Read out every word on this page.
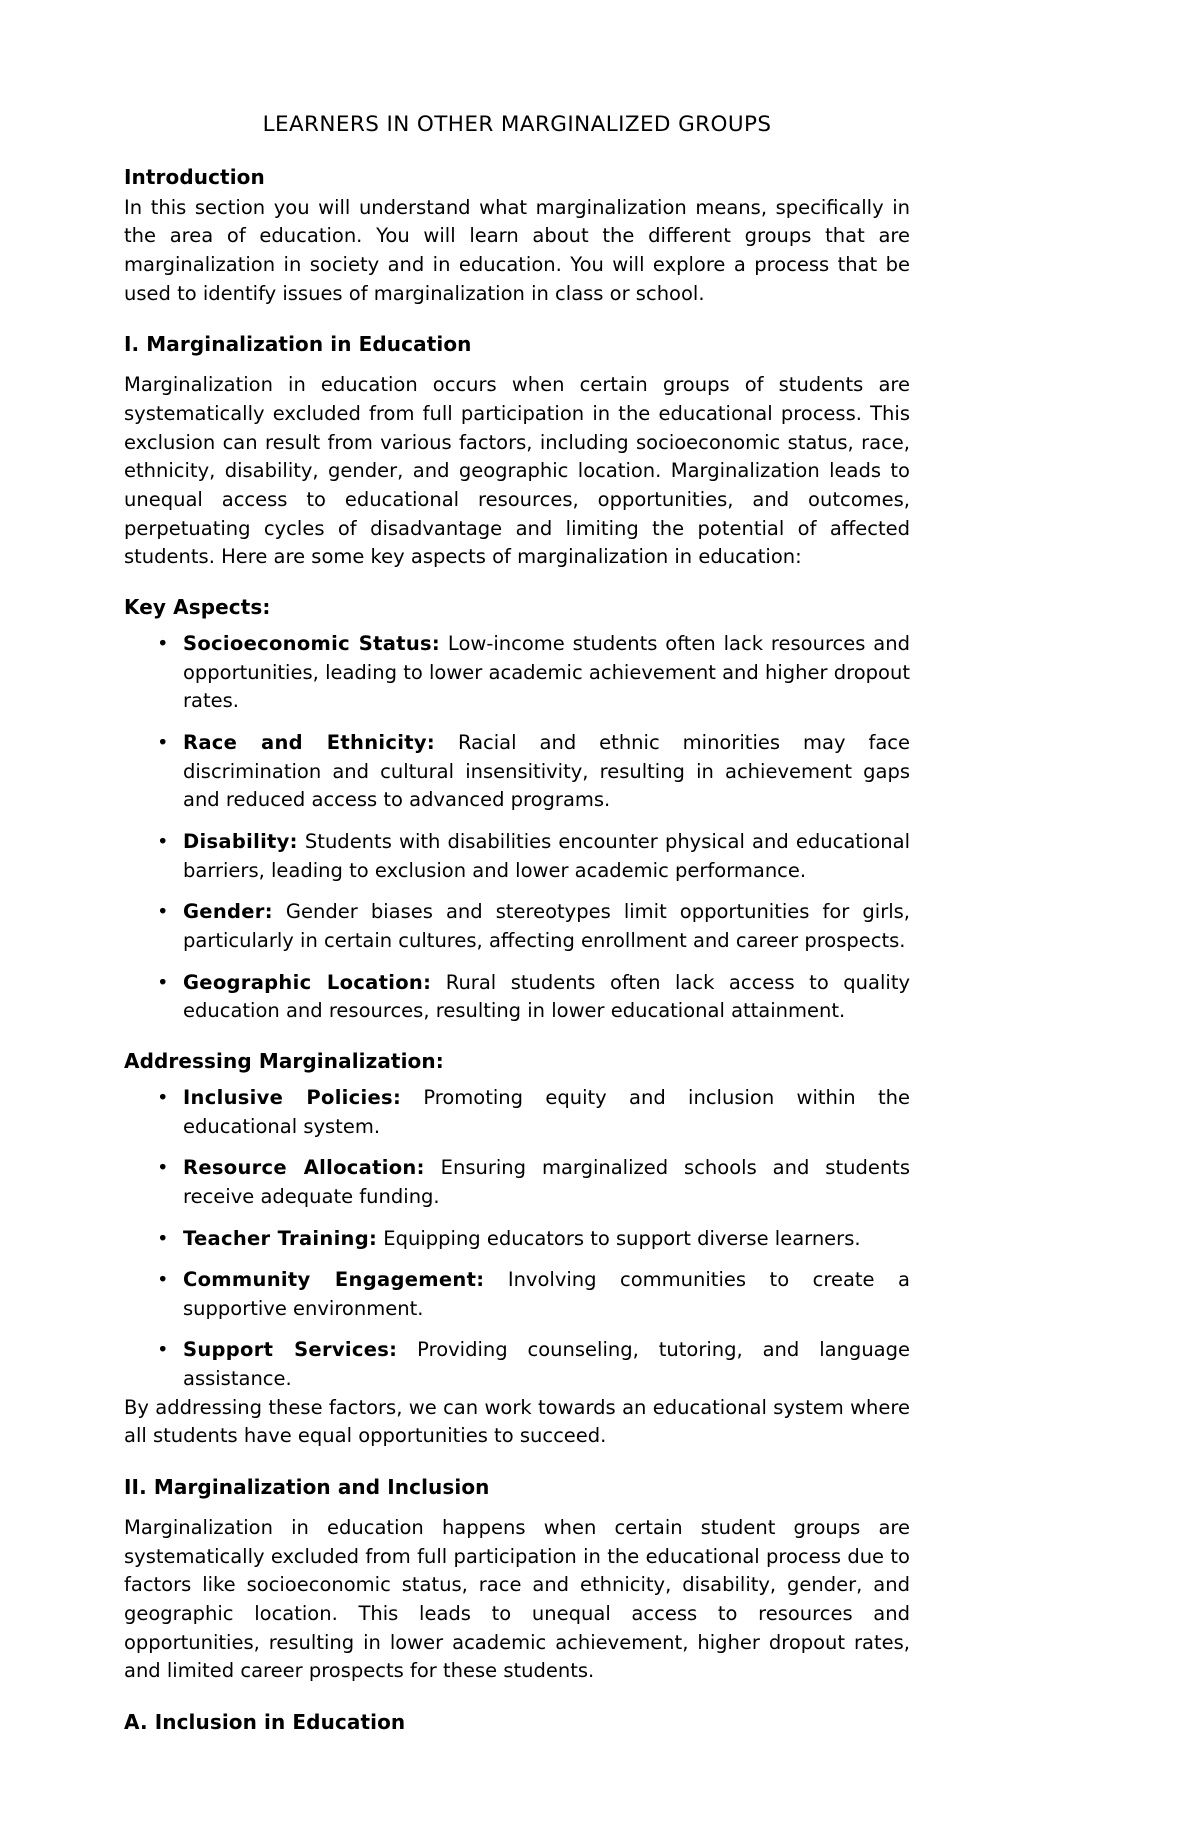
LEARNERS IN OTHER MARGINALIZED GROUPS
Introduction

In this section you will understand what marginalization means, specifically in the area of education. You will learn about the different groups that are marginalization in society and in education. You will explore a process that be used to identify issues of marginalization in class or school.

I. Marginalization in Education

Marginalization in education occurs when certain groups of students are systematically excluded from full participation in the educational process. This exclusion can result from various factors, including socioeconomic status, race, ethnicity, disability, gender, and geographic location. Marginalization leads to unequal access to educational resources, opportunities, and outcomes, perpetuating cycles of disadvantage and limiting the potential of affected students. Here are some key aspects of marginalization in education:

Key Aspects:
• Socioeconomic Status: Low-income students often lack resources and opportunities, leading to lower academic achievement and higher dropout rates.
• Race and Ethnicity: Racial and ethnic minorities may face discrimination and cultural insensitivity, resulting in achievement gaps and reduced access to advanced programs.
• Disability: Students with disabilities encounter physical and educational barriers, leading to exclusion and lower academic performance.
• Gender: Gender biases and stereotypes limit opportunities for girls, particularly in certain cultures, affecting enrollment and career prospects.
• Geographic Location: Rural students often lack access to quality education and resources, resulting in lower educational attainment.
Addressing Marginalization:
• Inclusive Policies: Promoting equity and inclusion within the educational system.
• Resource Allocation: Ensuring marginalized schools and students receive adequate funding.
• Teacher Training: Equipping educators to support diverse learners.
• Community Engagement: Involving communities to create a supportive environment.
• Support Services: Providing counseling, tutoring, and language assistance.

By addressing these factors, we can work towards an educational system where all students have equal opportunities to succeed.

II. Marginalization and Inclusion

Marginalization in education happens when certain student groups are systematically excluded from full participation in the educational process due to factors like socioeconomic status, race and ethnicity, disability, gender, and geographic location. This leads to unequal access to resources and opportunities, resulting in lower academic achievement, higher dropout rates, and limited career prospects for these students.

A. Inclusion in Education
